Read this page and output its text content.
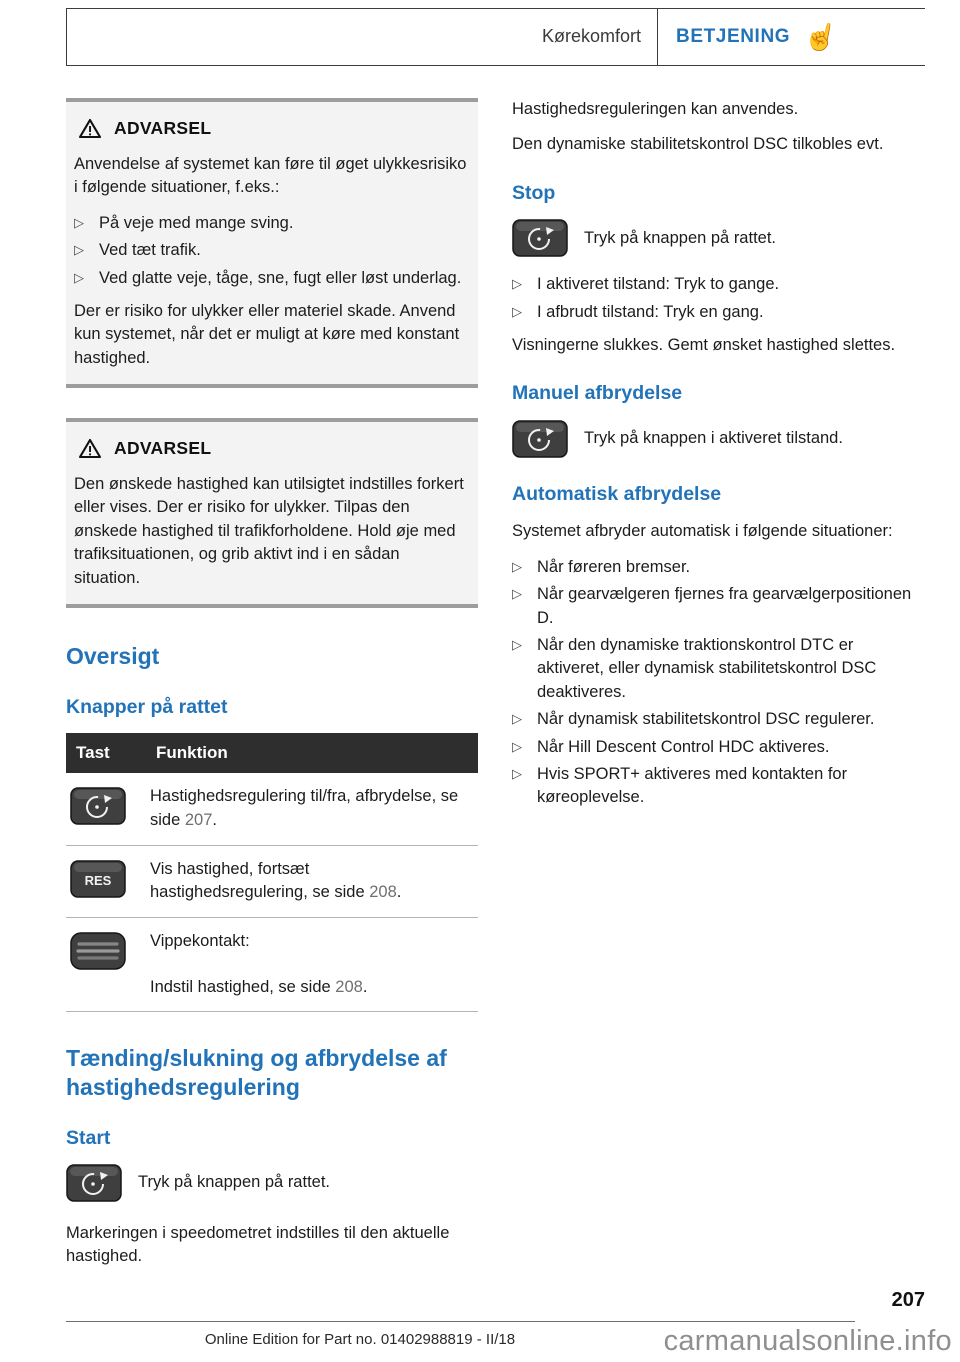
Kørekomfort	BETJENING ☝
ADVARSEL

Anvendelse af systemet kan føre til øget ulykkesrisiko i følgende situationer, f.eks.:

▷ På veje med mange sving.
▷ Ved tæt trafik.
▷ Ved glatte veje, tåge, sne, fugt eller løst underlag.

Der er risiko for ulykker eller materiel skade. Anvend kun systemet, når det er muligt at køre med konstant hastighed.

ADVARSEL

Den ønskede hastighed kan utilsigtet indstilles forkert eller vises. Der er risiko for ulykker. Tilpas den ønskede hastighed til trafikforholdene. Hold øje med trafiksituationen, og grib aktivt ind i en sådan situation.

Oversigt
Knapper på rattet
Tast	Funktion
	Hastighedsregulering til/fra, afbrydelse, se side 207.

RES	Vis hastighed, fortsæt hastighedsregulering, se side 208.

Vippekontakt:
Indstil hastighed, se side 208.
Tænding/slukning og afbrydelse af hastighedsregulering
Start

Tryk på knappen på rattet.

Markeringen i speedometret indstilles til den aktuelle hastighed.

Hastighedsreguleringen kan anvendes.

Den dynamiske stabilitetskontrol DSC tilkobles evt.

Stop

Tryk på knappen på rattet.

▷ I aktiveret tilstand: Tryk to gange.
▷ I afbrudt tilstand: Tryk en gang.

Visningerne slukkes. Gemt ønsket hastighed slettes.

Manuel afbrydelse

Tryk på knappen i aktiveret tilstand.

Automatisk afbrydelse

Systemet afbryder automatisk i følgende situationer:

▷ Når føreren bremser.
▷ Når gearvælgeren fjernes fra gearvælgerpositionen D.
▷ Når den dynamiske traktionskontrol DTC er aktiveret, eller dynamisk stabilitetskontrol DSC deaktiveres.
▷ Når dynamisk stabilitetskontrol DSC regulerer.
▷ Når Hill Descent Control HDC aktiveres.
▷ Hvis SPORT+ aktiveres med kontakten for køreoplevelse.
207
Online Edition for Part no. 01402988819 - II/18	carmanualsonline.info
